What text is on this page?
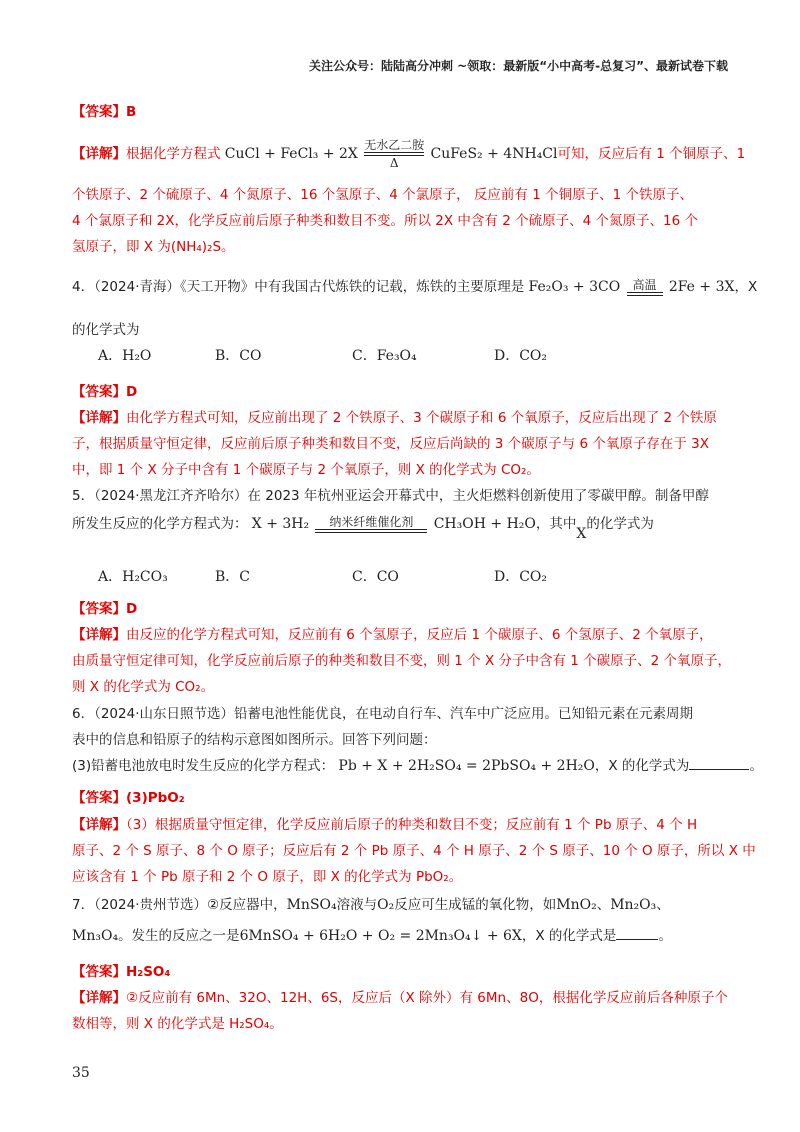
关注公众号：陆陆高分冲刺 ~领取：最新版“小中高考-总复习”、最新试卷下载
【答案】B
【详解】根据化学方程式 CuCl + FeCl₃ + 2X
无水乙二胺
Δ
CuFeS₂ + 4NH₄Cl可知，反应后有 1 个铜原子、1
个铁原子、2 个硫原子、4 个氮原子、16 个氢原子、4 个氯原子， 反应前有 1 个铜原子、1 个铁原子、
4 个氯原子和 2X，化学反应前后原子种类和数目不变。所以 2X 中含有 2 个硫原子、4 个氮原子、16 个
氢原子，即 X 为(NH₄)₂S。
4．（2024·青海）《天工开物》中有我国古代炼铁的记载，炼铁的主要原理是 Fe₂O₃ + 3CO 高温 2Fe + 3X，X
的化学式为
A．H₂O	B．CO	C．Fe₃O₄	D．CO₂
【答案】D
【详解】由化学方程式可知，反应前出现了 2 个铁原子、3 个碳原子和 6 个氧原子，反应后出现了 2 个铁原
子，根据质量守恒定律，反应前后原子种类和数目不变，反应后尚缺的 3 个碳原子与 6 个氧原子存在于 3X
中，即 1 个 X 分子中含有 1 个碳原子与 2 个氧原子，则 X 的化学式为 CO₂。
5．（2024·黑龙江齐齐哈尔）在 2023 年杭州亚运会开幕式中，主火炬燃料创新使用了零碳甲醇。制备甲醇
所发生反应的化学方程式为： X + 3H₂ 纳米纤维催化剂 CH₃OH + H₂O，其中X的化学式为
A．H₂CO₃	B．C	C．CO	D．CO₂
【答案】D
【详解】由反应的化学方程式可知，反应前有 6 个氢原子，反应后 1 个碳原子、6 个氢原子、2 个氧原子，
由质量守恒定律可知，化学反应前后原子的种类和数目不变，则 1 个 X 分子中含有 1 个碳原子、2 个氧原子，
则 X 的化学式为 CO₂。
6．（2024·山东日照节选）铅蓄电池性能优良，在电动自行车、汽车中广泛应用。已知铅元素在元素周期
表中的信息和铅原子的结构示意图如图所示。回答下列问题：
(3)铅蓄电池放电时发生反应的化学方程式： Pb + X + 2H₂SO₄ = 2PbSO₄ + 2H₂O，X 的化学式为	。
【答案】(3)PbO₂
【详解】（3）根据质量守恒定律，化学反应前后原子的种类和数目不变；反应前有 1 个 Pb 原子、4 个 H
原子、2 个 S 原子、8 个 O 原子；反应后有 2 个 Pb 原子、4 个 H 原子、2 个 S 原子、10 个 O 原子，所以 X 中
应该含有 1 个 Pb 原子和 2 个 O 原子，即 X 的化学式为 PbO₂。
7．（2024·贵州节选）②反应器中，MnSO₄溶液与O₂反应可生成锰的氧化物，如MnO₂、Mn₂O₃、
Mn₃O₄。发生的反应之一是6MnSO₄ + 6H₂O + O₂ = 2Mn₃O₄↓ + 6X，X 的化学式是	。
【答案】H₂SO₄
【详解】②反应前有 6Mn、32O、12H、6S，反应后（X 除外）有 6Mn、8O，根据化学反应前后各种原子个
数相等，则 X 的化学式是 H₂SO₄。
35
